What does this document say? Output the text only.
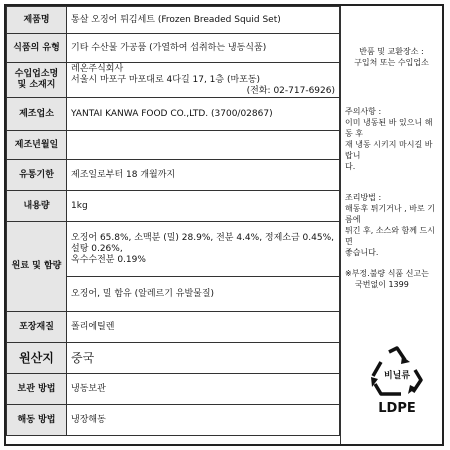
제품명	통살 오징어 튀김세트 (Frozen Breaded Squid Set)
식품의 유형	기타 수산물 가공품 (가열하여 섭취하는 냉동식품)

수입업소명
및 소재지	레온주식회사
서울시 마포구 마포대로 4다길 17, 1층 (마포동)
(전화: 02-717-6926)

제조업소	YANTAI KANWA FOOD CO.,LTD. (3700/02867)
제조년월일	
유통기한	제조일로부터 18 개월까지
내용량	1kg
원료 및 함량	오징어 65.8%, 소맥분 (밀) 28.9%, 전분 4.4%, 정제소금 0.45%, 설탕 0.26%,
옥수수전분 0.19%

	오징어, 밀 함유 (알레르기 유발물질)
포장재질	폴리에틸렌
원산지	중국
보관 방법	냉동보관
해동 방법	냉장해동

반품 및 교환장소 :

구입처 또는 수입업소

주의사항 :

이미 냉동된 바 있으니 해동 후

재 냉동 시키지 마시길 바랍니

다.

조리방법 :

해동후 튀기거나 , 바로 기름에

튀긴 후, 소스와 함께 드시면

좋습니다.

※부정.불량 식품 신고는

국번없이 1399

비닐류
LDPE
